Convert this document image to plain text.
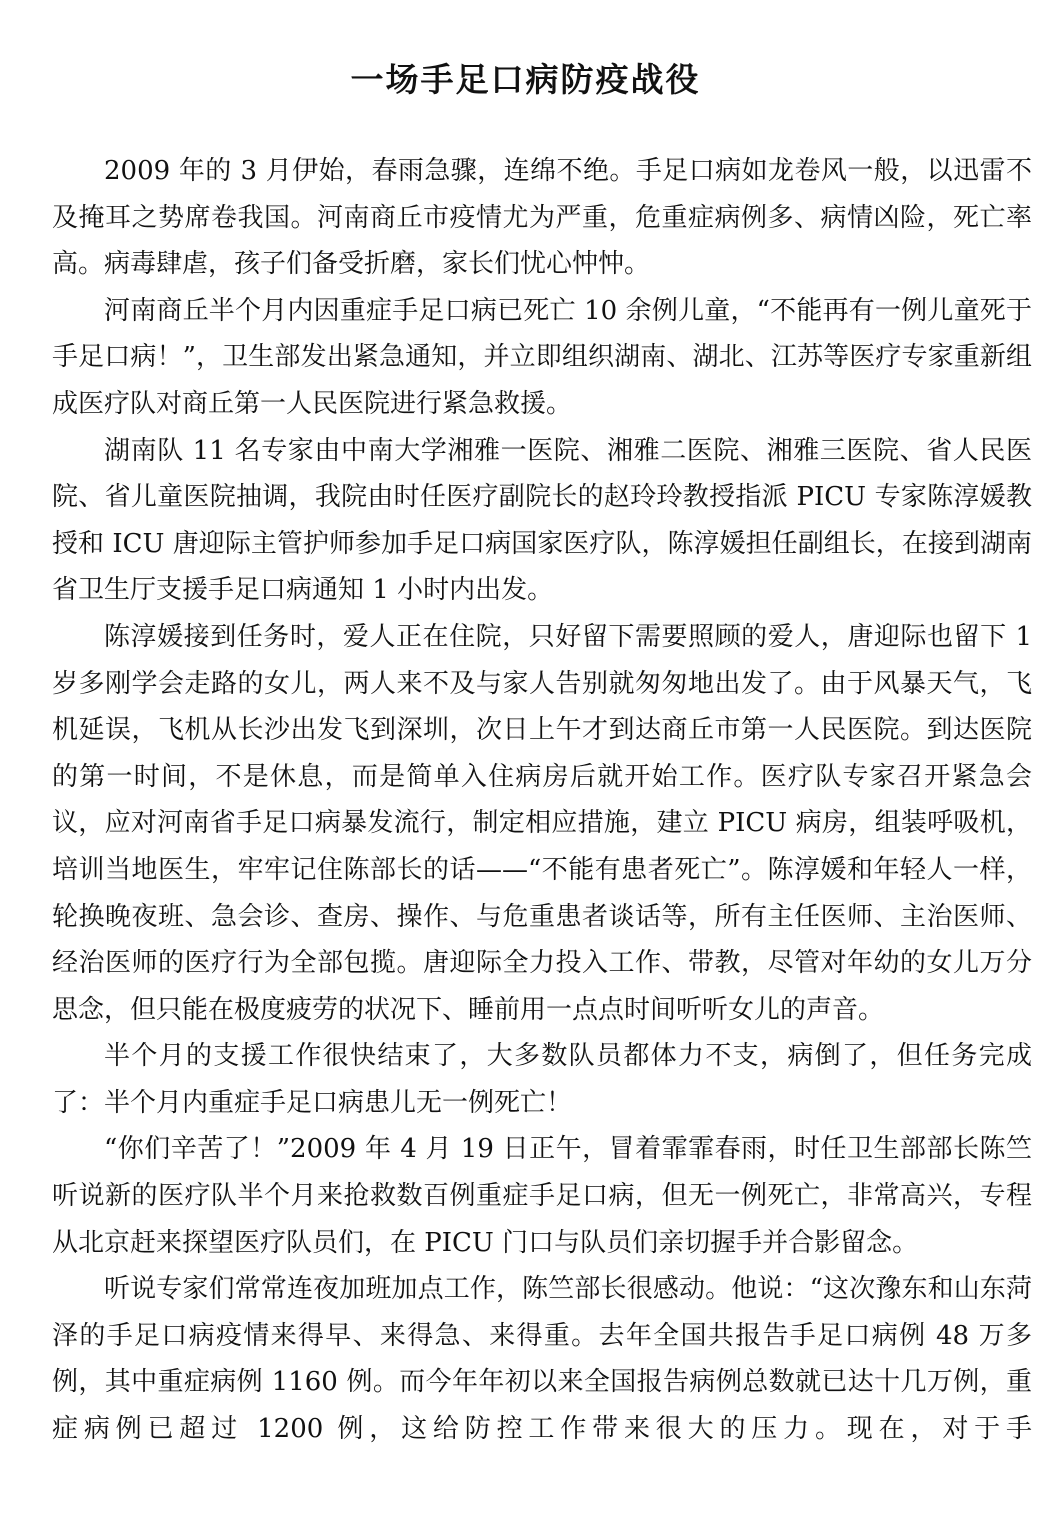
一场手足口病防疫战役

2009 年的 3 月伊始，春雨急骤，连绵不绝。手足口病如龙卷风一般，以迅雷不及掩耳之势席卷我国。河南商丘市疫情尤为严重，危重症病例多、病情凶险，死亡率高。病毒肆虐，孩子们备受折磨，家长们忧心忡忡。

河南商丘半个月内因重症手足口病已死亡 10 余例儿童，“不能再有一例儿童死于手足口病！”，卫生部发出紧急通知，并立即组织湖南、湖北、江苏等医疗专家重新组成医疗队对商丘第一人民医院进行紧急救援。

湖南队 11 名专家由中南大学湘雅一医院、湘雅二医院、湘雅三医院、省人民医院、省儿童医院抽调，我院由时任医疗副院长的赵玲玲教授指派 PICU 专家陈淳媛教授和 ICU 唐迎际主管护师参加手足口病国家医疗队，陈淳媛担任副组长，在接到湖南省卫生厅支援手足口病通知 1 小时内出发。

陈淳媛接到任务时，爱人正在住院，只好留下需要照顾的爱人，唐迎际也留下 1 岁多刚学会走路的女儿，两人来不及与家人告别就匆匆地出发了。由于风暴天气，飞机延误，飞机从长沙出发飞到深圳，次日上午才到达商丘市第一人民医院。到达医院的第一时间，不是休息，而是简单入住病房后就开始工作。医疗队专家召开紧急会议，应对河南省手足口病暴发流行，制定相应措施，建立 PICU 病房，组装呼吸机，培训当地医生，牢牢记住陈部长的话——“不能有患者死亡”。陈淳媛和年轻人一样，轮换晚夜班、急会诊、查房、操作、与危重患者谈话等，所有主任医师、主治医师、经治医师的医疗行为全部包揽。唐迎际全力投入工作、带教，尽管对年幼的女儿万分思念，但只能在极度疲劳的状况下、睡前用一点点时间听听女儿的声音。

半个月的支援工作很快结束了，大多数队员都体力不支，病倒了，但任务完成了：半个月内重症手足口病患儿无一例死亡！

“你们辛苦了！”2009 年 4 月 19 日正午，冒着霏霏春雨，时任卫生部部长陈竺听说新的医疗队半个月来抢救数百例重症手足口病，但无一例死亡，非常高兴，专程从北京赶来探望医疗队员们，在 PICU 门口与队员们亲切握手并合影留念。

听说专家们常常连夜加班加点工作，陈竺部长很感动。他说：“这次豫东和山东菏泽的手足口病疫情来得早、来得急、来得重。去年全国共报告手足口病例 48 万多例，其中重症病例 1160 例。而今年年初以来全国报告病例总数就已达十几万例，重症病例已超过 1200 例，这给防控工作带来很大的压力。现在，对于手
